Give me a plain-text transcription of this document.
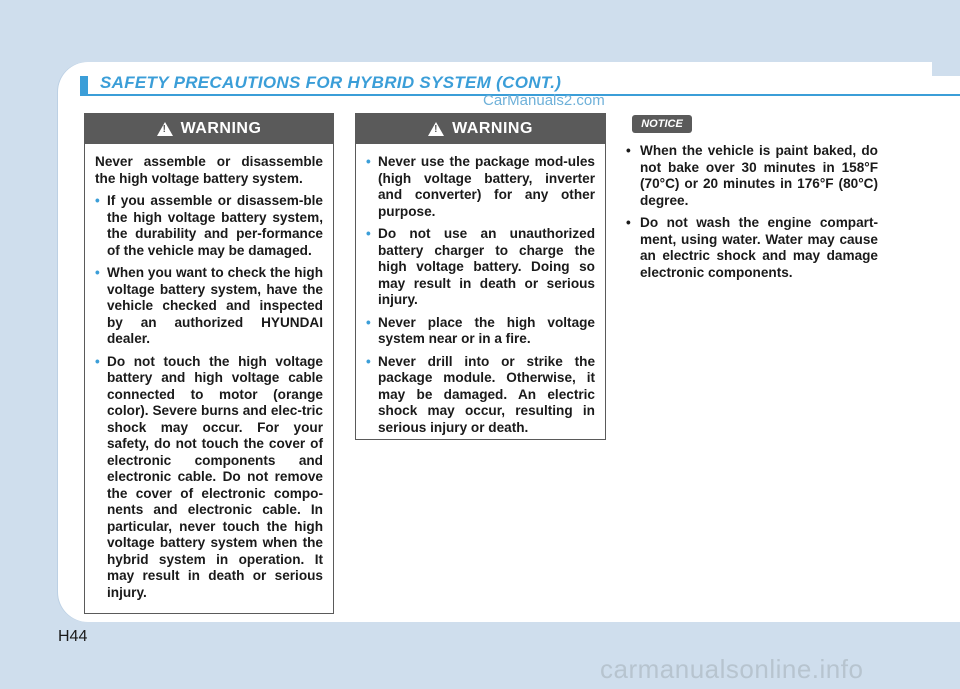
SAFETY PRECAUTIONS FOR HYBRID SYSTEM (CONT.)
CarManuals2.com
!
WARNING

Never assemble or disassemble the high voltage battery system.

• If you assemble or disassem-ble the high voltage battery system, the durability and per-formance of the vehicle may be damaged.
• When you want to check the high voltage battery system, have the vehicle checked and inspected by an authorized HYUNDAI dealer.
• Do not touch the high voltage battery and high voltage cable connected to motor (orange color). Severe burns and elec-tric shock may occur. For your safety, do not touch the cover of electronic components and electronic cable. Do not remove the cover of electronic compo-nents and electronic cable. In particular, never touch the high voltage battery system when the hybrid system in operation. It may result in death or serious injury.
!
WARNING
• Never use the package mod-ules (high voltage battery, inverter and converter) for any other purpose.
• Do not use an unauthorized battery charger to charge the high voltage battery. Doing so may result in death or serious injury.
• Never place the high voltage system near or in a fire.
• Never drill into or strike the package module. Otherwise, it may be damaged. An electric shock may occur, resulting in serious injury or death.
NOTICE
• When the vehicle is paint baked, do not bake over 30 minutes in 158°F (70°C) or 20 minutes in 176°F (80°C) degree.
• Do not wash the engine compart-ment, using water. Water may cause an electric shock and may damage electronic components.
H44
carmanualsonline.info
